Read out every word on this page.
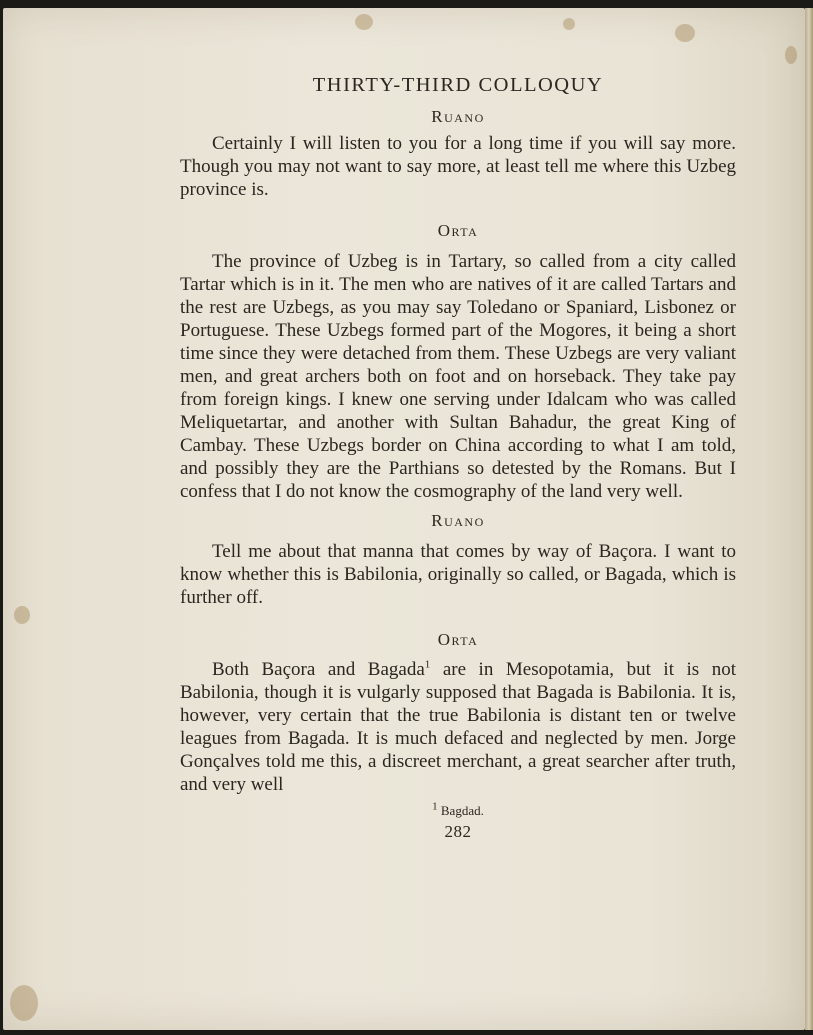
THIRTY-THIRD COLLOQUY

Ruano

Certainly I will listen to you for a long time if you will say more. Though you may not want to say more, at least tell me where this Uzbeg province is.

Orta

The province of Uzbeg is in Tartary, so called from a city called Tartar which is in it. The men who are natives of it are called Tartars and the rest are Uzbegs, as you may say Toledano or Spaniard, Lisbonez or Portuguese. These Uzbegs formed part of the Mogores, it being a short time since they were detached from them. These Uzbegs are very valiant men, and great archers both on foot and on horseback. They take pay from foreign kings. I knew one serving under Idalcam who was called Meliquetartar, and another with Sultan Bahadur, the great King of Cambay. These Uzbegs border on China according to what I am told, and possibly they are the Parthians so detested by the Romans. But I confess that I do not know the cosmography of the land very well.

Ruano

Tell me about that manna that comes by way of Baçora. I want to know whether this is Babilonia, originally so called, or Bagada, which is further off.

Orta

Both Baçora and Bagada$^1$ are in Mesopotamia, but it is not Babilonia, though it is vulgarly supposed that Bagada is Babilonia. It is, however, very certain that the true Babilonia is distant ten or twelve leagues from Bagada. It is much defaced and neglected by men. Jorge Gonçalves told me this, a discreet merchant, a great searcher after truth, and very well

$^1$ Bagdad.

282
